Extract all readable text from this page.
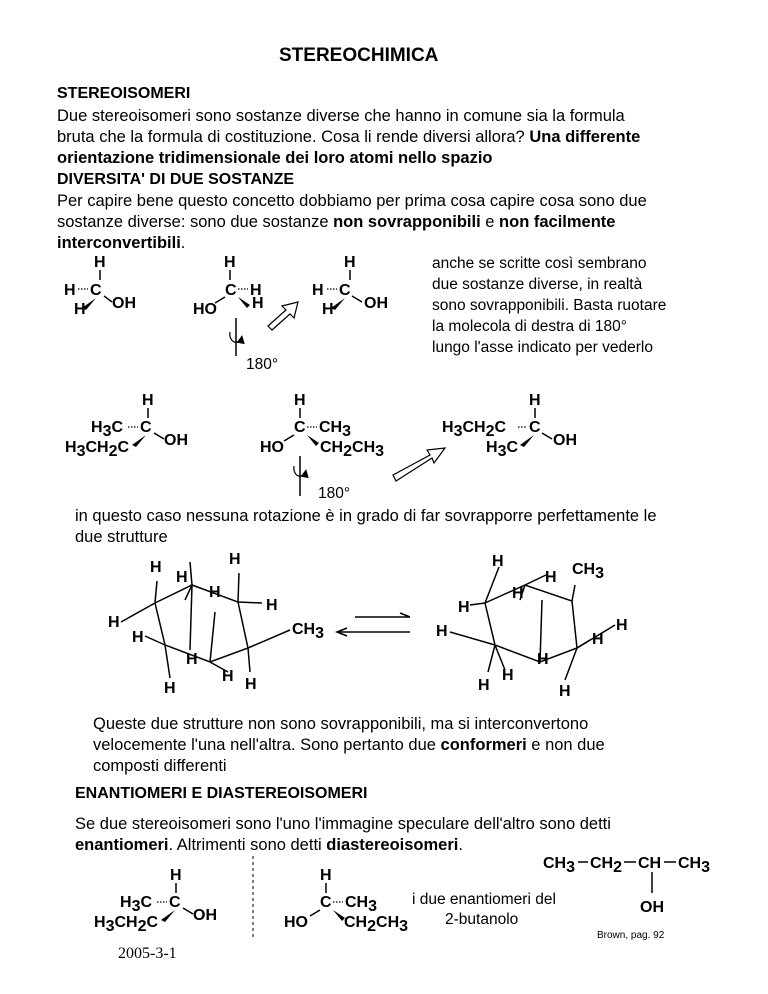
STEREOCHIMICA
STEREOISOMERI
Due stereoisomeri sono sostanze diverse che hanno in comune sia la formula
bruta che la formula di costituzione. Cosa li rende diversi allora? Una differente
orientazione tridimensionale dei loro atomi nello spazio
DIVERSITA' DI DUE SOSTANZE
Per capire bene questo concetto dobbiamo per prima cosa capire cosa sono due
sostanze diverse: sono due sostanze non sovrapponibili e non facilmente
interconvertibili.
anche se scritte così sembrano
due sostanze diverse, in realtà
sono sovrapponibili. Basta ruotare
la molecola di destra di 180°
lungo l'asse indicato per vederlo
180°
180°
in questo caso nessuna rotazione è in grado di far sovrapporre perfettamente le
due strutture
Queste due strutture non sono sovrapponibili, ma si interconvertono
velocemente l'una nell'altra. Sono pertanto due conformeri e non due
composti differenti
ENANTIOMERI E DIASTEREOISOMERI
Se due stereoisomeri sono l'uno l'immagine speculare dell'altro sono detti
enantiomeri. Altrimenti sono detti diastereoisomeri.
i due enantiomeri del
2-butanolo
Brown, pag. 92
2005-3-1
H
H C
H OH
H
C H
H
HO
H
H C
H OH
H
H3C C
H3CH2C OH
H
C CH3
CH2CH3
HO
H
H3CH2C C
H3C OH
H
H
H
H
H
H
H	CH3
H
H H
H
H
H CH3
H
H
H	H
H
H
H
H	H
H
H3C C
H3CH2C OH
H
C CH3
CH2CH3
HO
CH3 CH2 CH CH3
OH
